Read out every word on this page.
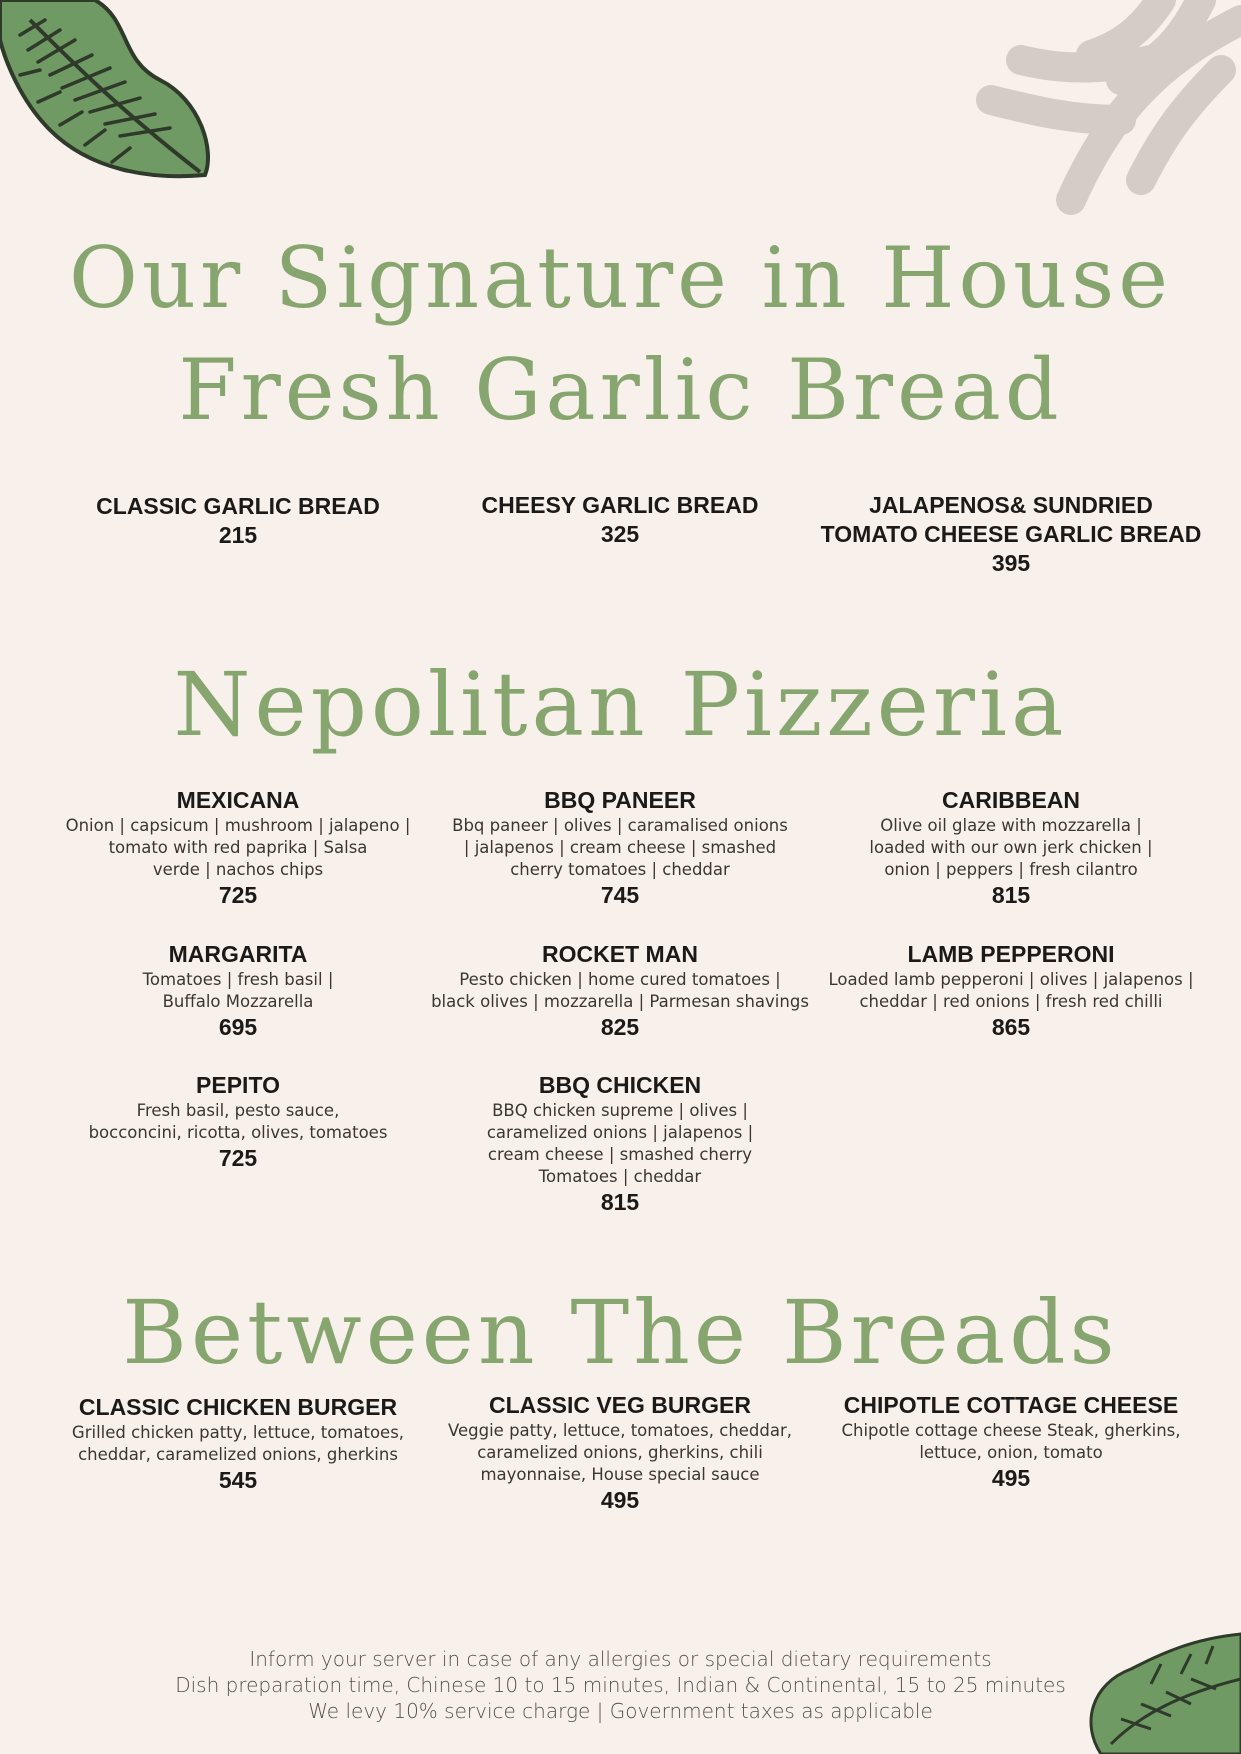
Our Signature in House
Fresh Garlic Bread
CLASSIC GARLIC BREAD
215
CHEESY GARLIC BREAD
325
JALAPENOS& SUNDRIED
TOMATO CHEESE GARLIC BREAD
395
Nepolitan Pizzeria
MEXICANA
Onion | capsicum | mushroom | jalapeno |
tomato with red paprika | Salsa
verde | nachos chips
725
BBQ PANEER
Bbq paneer | olives | caramalised onions
| jalapenos | cream cheese | smashed
cherry tomatoes | cheddar
745
CARIBBEAN
Olive oil glaze with mozzarella |
loaded with our own jerk chicken |
onion | peppers | fresh cilantro
815
MARGARITA
Tomatoes | fresh basil |
Buffalo Mozzarella
695
ROCKET MAN
Pesto chicken | home cured tomatoes |
black olives | mozzarella | Parmesan shavings
825
LAMB PEPPERONI
Loaded lamb pepperoni | olives | jalapenos |
cheddar | red onions | fresh red chilli
865
PEPITO
Fresh basil, pesto sauce,
bocconcini, ricotta, olives, tomatoes
725
BBQ CHICKEN
BBQ chicken supreme | olives |
caramelized onions | jalapenos |
cream cheese | smashed cherry
Tomatoes | cheddar
815
Between The Breads
CLASSIC CHICKEN BURGER
Grilled chicken patty, lettuce, tomatoes,
cheddar, caramelized onions, gherkins
545
CLASSIC VEG BURGER
Veggie patty, lettuce, tomatoes, cheddar,
caramelized onions, gherkins, chili
mayonnaise, House special sauce
495
CHIPOTLE COTTAGE CHEESE
Chipotle cottage cheese Steak, gherkins,
lettuce, onion, tomato
495
Inform your server in case of any allergies or special dietary requirements
Dish preparation time, Chinese 10 to 15 minutes, Indian & Continental, 15 to 25 minutes
We levy 10% service charge | Government taxes as applicable
